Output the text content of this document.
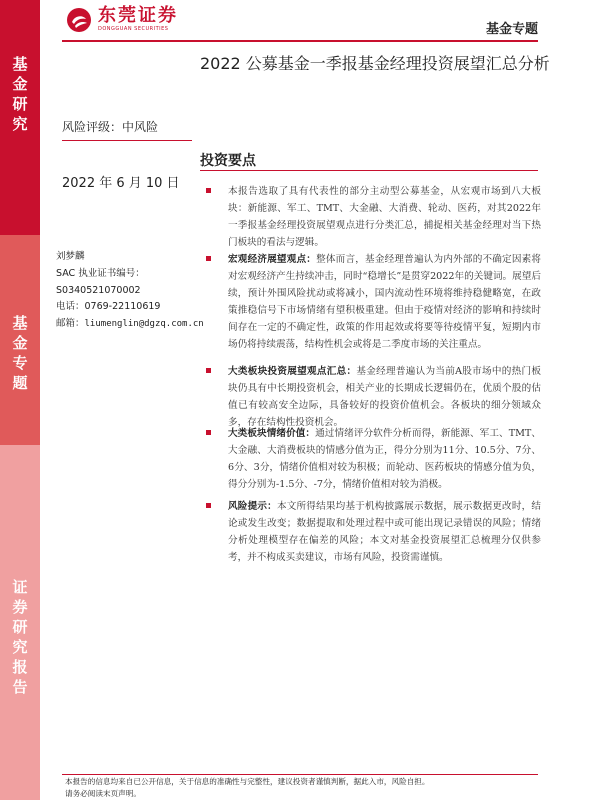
东莞证券
DONGGUAN SECURITIES	基金专题
基
金
研
究
基
金
专
题
证
券
研
究
报
告
2022 公募基金一季报基金经理投资展望汇总分析
风险评级：中风险
2022 年 6 月 10 日
刘梦麟
SAC 执业证书编号：
S0340521070002
电话：0769-22110619
邮箱：liumenglin@dgzq.com.cn
投资要点
本报告选取了具有代表性的部分主动型公募基金，从宏观市场到八大板块：新能源、军工、TMT、大金融、大消费、轮动、医药，对其2022年一季报基金经理投资展望观点进行分类汇总，捕捉相关基金经理对当下热门板块的看法与逻辑。
宏观经济展望观点：整体而言，基金经理普遍认为内外部的不确定因素将对宏观经济产生持续冲击，同时“稳增长”是贯穿2022年的关键词。展望后续，预计外围风险扰动或将减小，国内流动性环境将维持稳健略宽，在政策推稳信号下市场情绪有望积极重建。但由于疫情对经济的影响和持续时间存在一定的不确定性，政策的作用起效或将要等待疫情平复，短期内市场仍将持续震荡，结构性机会或将是二季度市场的关注重点。
大类板块投资展望观点汇总：基金经理普遍认为当前A股市场中的热门板块仍具有中长期投资机会，相关产业的长期成长逻辑仍在，优质个股的估值已有较高安全边际，具备较好的投资价值机会。各板块的细分领域众多，存在结构性投资机会。
大类板块情绪价值：通过情绪评分软件分析而得，新能源、军工、TMT、大金融、大消费板块的情感分值为正，得分分别为11分、10.5分、7分、6分、3分，情绪价值相对较为积极；而轮动、医药板块的情感分值为负，得分分别为-1.5分、-7分，情绪价值相对较为消极。
风险提示：本文所得结果均基于机构披露展示数据，展示数据更改时，结论或发生改变；数据提取和处理过程中或可能出现记录错误的风险；情绪分析处理模型存在偏差的风险；本文对基金投资展望汇总梳理分仅供参考，并不构成买卖建议，市场有风险，投资需谨慎。
本报告的信息均来自已公开信息，关于信息的准确性与完整性，建议投资者谨慎判断，据此入市，风险自担。
请务必阅读末页声明。
